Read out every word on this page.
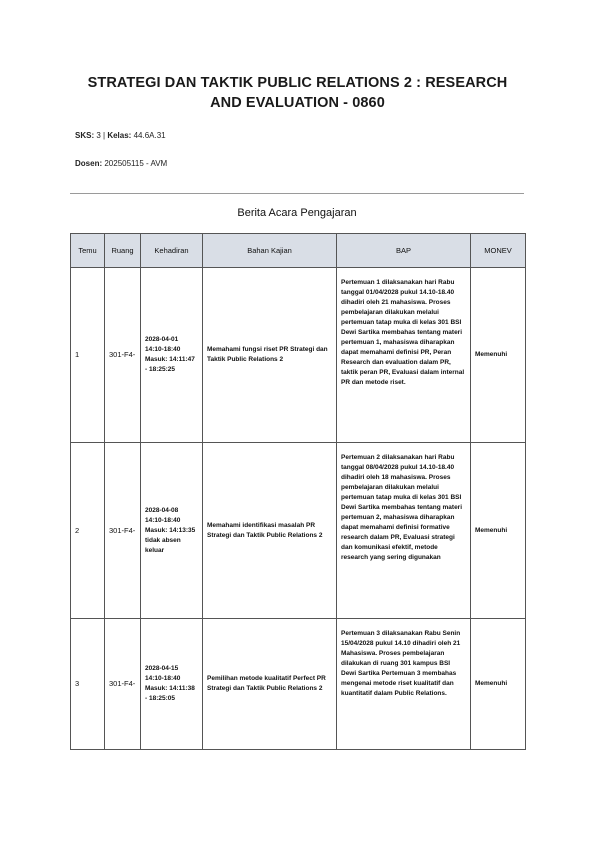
STRATEGI DAN TAKTIK PUBLIC RELATIONS 2 : RESEARCH
AND EVALUATION - 0860
SKS: 3 | Kelas: 44.6A.31
Dosen: 202505115 - AVM
Berita Acara Pengajaran
Temu	Ruang	Kehadiran	Bahan Kajian	BAP	MONEV
1	301-F4-	2028-04-01 14:10-18:40 Masuk: 14:11:47 - 18:25:25	Memahami fungsi riset PR Strategi dan Taktik Public Relations 2	Pertemuan 1 dilaksanakan hari Rabu tanggal 01/04/2028 pukul 14.10-18.40 dihadiri oleh 21 mahasiswa. Proses pembelajaran dilakukan melalui pertemuan tatap muka di kelas 301 BSI Dewi Sartika membahas tentang materi pertemuan 1, mahasiswa diharapkan dapat memahami definisi PR, Peran Research dan evaluation dalam PR, taktik peran PR, Evaluasi dalam internal PR dan metode riset.	Memenuhi
2	301-F4-	2028-04-08 14:10-18:40 Masuk: 14:13:35 tidak absen keluar	Memahami identifikasi masalah PR Strategi dan Taktik Public Relations 2	Pertemuan 2 dilaksanakan hari Rabu tanggal 08/04/2028 pukul 14.10-18.40 dihadiri oleh 18 mahasiswa. Proses pembelajaran dilakukan melalui pertemuan tatap muka di kelas 301 BSI Dewi Sartika membahas tentang materi pertemuan 2, mahasiswa diharapkan dapat memahami definisi formative research dalam PR, Evaluasi strategi dan komunikasi efektif, metode research yang sering digunakan	Memenuhi
3	301-F4-	2028-04-15 14:10-18:40 Masuk: 14:11:38 - 18:25:05	Pemilihan metode kualitatif Perfect PR Strategi dan Taktik Public Relations 2	Pertemuan 3 dilaksanakan Rabu Senin 15/04/2028 pukul 14.10 dihadiri oleh 21 Mahasiswa. Proses pembelajaran dilakukan di ruang 301 kampus BSI Dewi Sartika Pertemuan 3 membahas mengenai metode riset kualitatif dan kuantitatif dalam Public Relations.	Memenuhi
